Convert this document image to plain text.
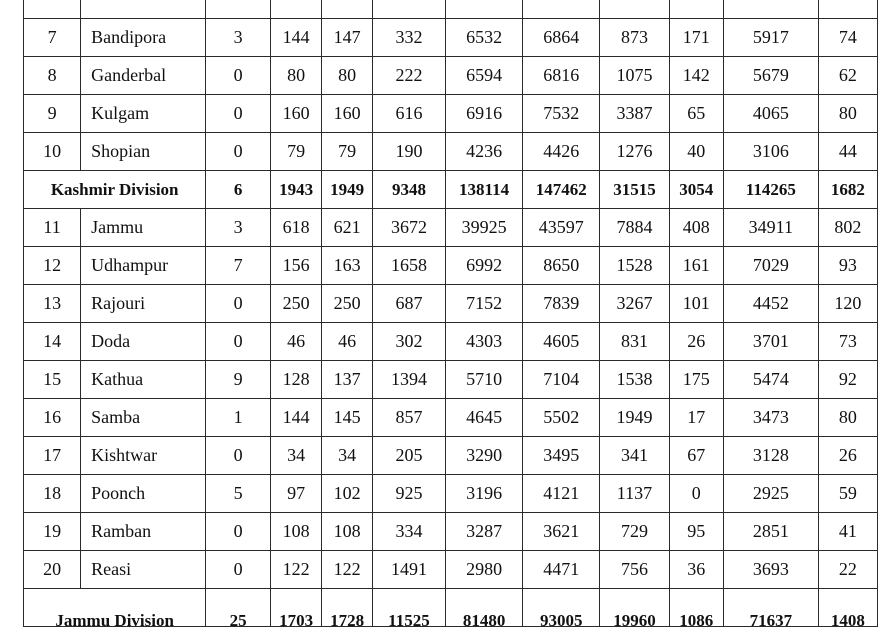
7	Bandipora	3	144	147	332	6532	6864	873	171	5917	74
8	Ganderbal	0	80	80	222	6594	6816	1075	142	5679	62
9	Kulgam	0	160	160	616	6916	7532	3387	65	4065	80
10	Shopian	0	79	79	190	4236	4426	1276	40	3106	44
Kashmir Division		6	1943	1949	9348	138114	147462	31515	3054	114265	1682
11	Jammu	3	618	621	3672	39925	43597	7884	408	34911	802
12	Udhampur	7	156	163	1658	6992	8650	1528	161	7029	93
13	Rajouri	0	250	250	687	7152	7839	3267	101	4452	120
14	Doda	0	46	46	302	4303	4605	831	26	3701	73
15	Kathua	9	128	137	1394	5710	7104	1538	175	5474	92
16	Samba	1	144	145	857	4645	5502	1949	17	3473	80
17	Kishtwar	0	34	34	205	3290	3495	341	67	3128	26
18	Poonch	5	97	102	925	3196	4121	1137	0	2925	59
19	Ramban	0	108	108	334	3287	3621	729	95	2851	41
20	Reasi	0	122	122	1491	2980	4471	756	36	3693	22
Jammu Division		25	1703	1728	11525	81480	93005	19960	1086	71637	1408
